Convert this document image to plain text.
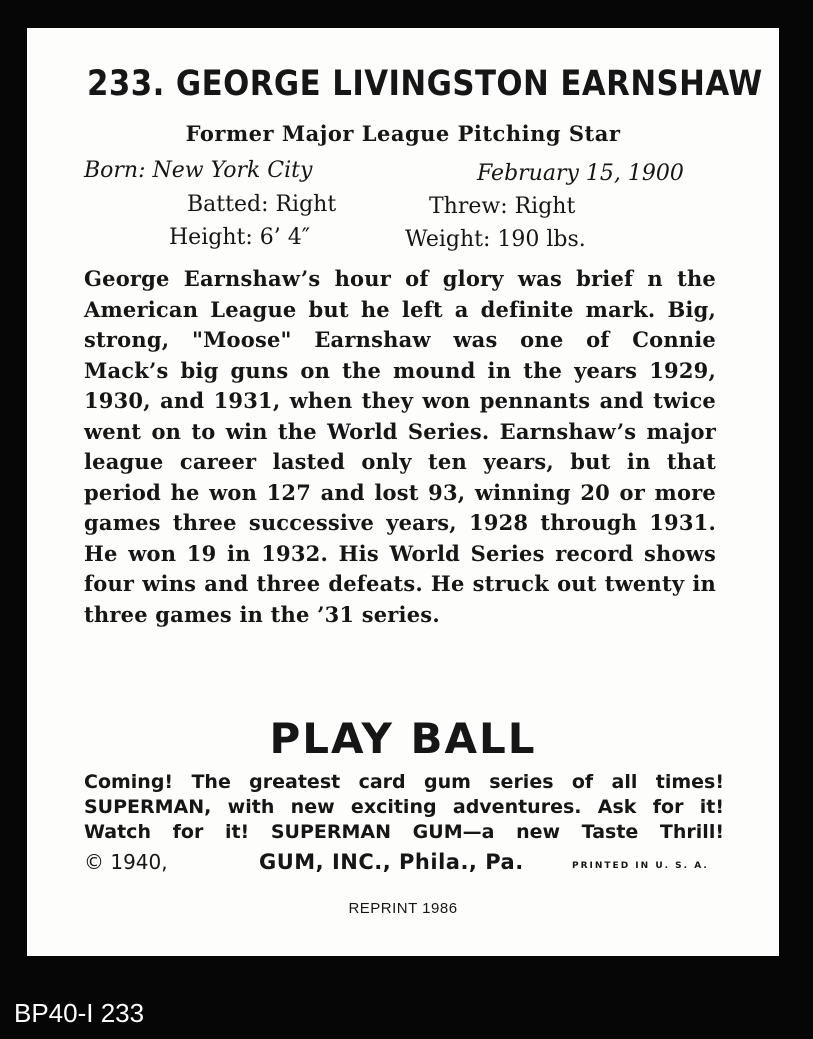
233. GEORGE LIVINGSTON EARNSHAW
Former Major League Pitching Star
Born: New York City	February 15, 1900
Batted: Right	Threw: Right
Height: 6’ 4″	Weight: 190 lbs.
George Earnshaw’s hour of glory was brief n the American League but he left a definite mark. Big, strong, "Moose" Earnshaw was one of Connie Mack’s big guns on the mound in the years 1929, 1930, and 1931, when they won pennants and twice went on to win the World Series. Earnshaw’s major league career lasted only ten years, but in that period he won 127 and lost 93, winning 20 or more games three successive years, 1928 through 1931. He won 19 in 1932. His World Series record shows four wins and three defeats. He struck out twenty in three games in the ’31 series.
PLAY BALL
Coming! The greatest card gum series of all times!
SUPERMAN, with new exciting adventures. Ask for it!
Watch for it! SUPERMAN GUM—a new Taste Thrill!
© 1940,	GUM, INC., Phila., Pa.	PRINTED IN U. S. A.
REPRINT 1986
BP40-I 233
